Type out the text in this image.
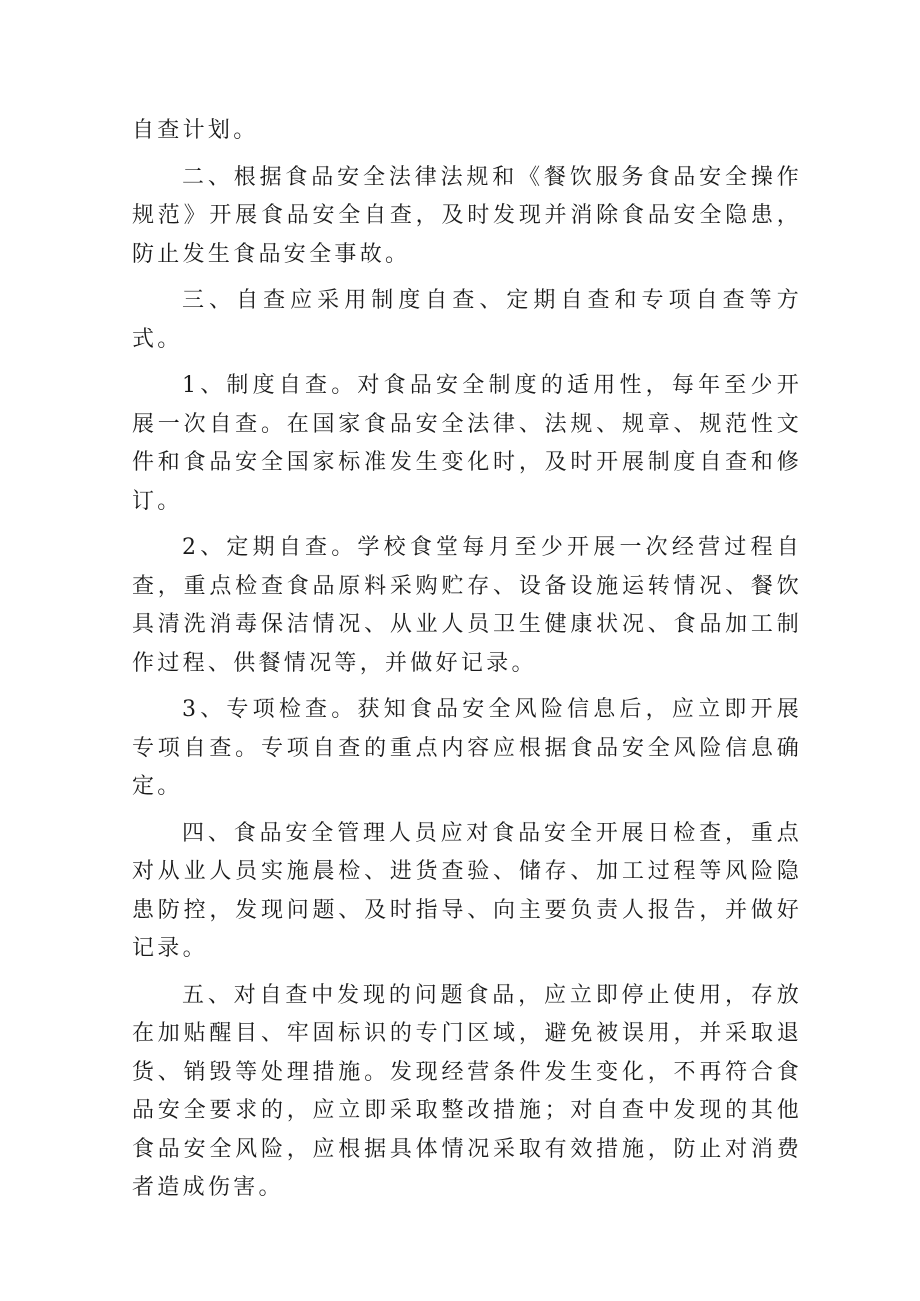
自查计划。

二、根据食品安全法律法规和《餐饮服务食品安全操作规范》开展食品安全自查，及时发现并消除食品安全隐患，防止发生食品安全事故。

三、自查应采用制度自查、定期自查和专项自查等方式。

1、制度自查。对食品安全制度的适用性，每年至少开展一次自查。在国家食品安全法律、法规、规章、规范性文件和食品安全国家标准发生变化时，及时开展制度自查和修订。

2、定期自查。学校食堂每月至少开展一次经营过程自查，重点检查食品原料采购贮存、设备设施运转情况、餐饮具清洗消毒保洁情况、从业人员卫生健康状况、食品加工制作过程、供餐情况等，并做好记录。

3、专项检查。获知食品安全风险信息后，应立即开展专项自查。专项自查的重点内容应根据食品安全风险信息确定。

四、食品安全管理人员应对食品安全开展日检查，重点对从业人员实施晨检、进货查验、储存、加工过程等风险隐患防控，发现问题、及时指导、向主要负责人报告，并做好记录。

五、对自查中发现的问题食品，应立即停止使用，存放在加贴醒目、牢固标识的专门区域，避免被误用，并采取退货、销毁等处理措施。发现经营条件发生变化，不再符合食品安全要求的，应立即采取整改措施；对自查中发现的其他食品安全风险，应根据具体情况采取有效措施，防止对消费者造成伤害。
